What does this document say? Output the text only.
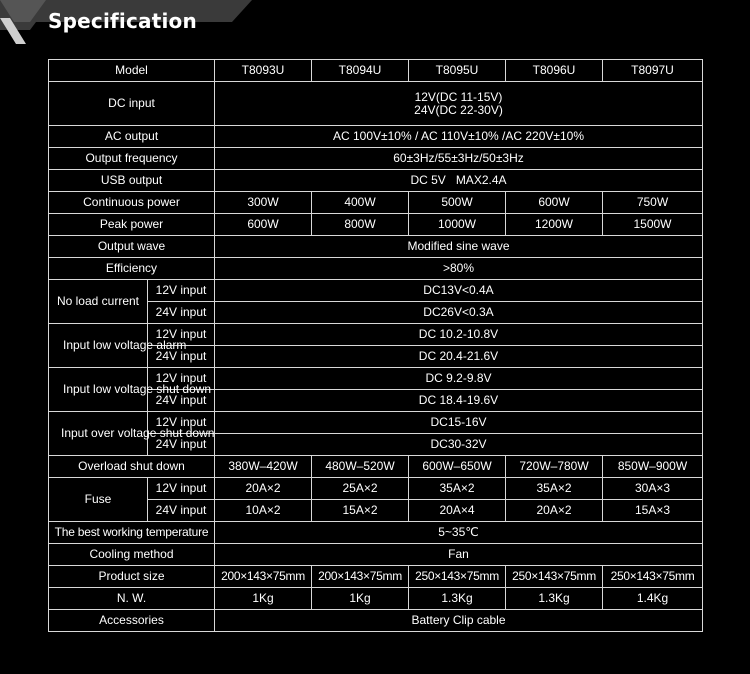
Specification
Model		T8093U	T8094U	T8095U	T8096U	T8097U
DC input		12V(DC 11-15V)
24V(DC 22-30V)				

AC output		AC 100V±10% / AC 110V±10% /AC 220V±10%				
Output frequency		60±3Hz/55±3Hz/50±3Hz				
USB output		DC 5V   MAX2.4A				
Continuous power		300W	400W	500W	600W	750W
Peak power		600W	800W	1000W	1200W	1500W
Output wave		Modified sine wave				
Efficiency		>80%				
No load current	12V input	DC13V<0.4A				
	24V input	DC26V<0.3A				
Input low voltage alarm	12V input	DC 10.2-10.8V				
	24V input	DC 20.4-21.6V				
Input low voltage shut down	12V input	DC 9.2-9.8V				
	24V input	DC 18.4-19.6V				
Input over voltage shut down	12V input	DC15-16V				
	24V input	DC30-32V				
Overload shut down		380W–420W	480W–520W	600W–650W	720W–780W	850W–900W
Fuse	12V input	20A×2	25A×2	35A×2	35A×2	30A×3
	24V input	10A×2	15A×2	20A×4	20A×2	15A×3
The best working temperature		5~35℃				
Cooling method		Fan				
Product size		200×143×75mm	200×143×75mm	250×143×75mm	250×143×75mm	250×143×75mm
N. W.		1Kg	1Kg	1.3Kg	1.3Kg	1.4Kg
Accessories		Battery Clip cable				
